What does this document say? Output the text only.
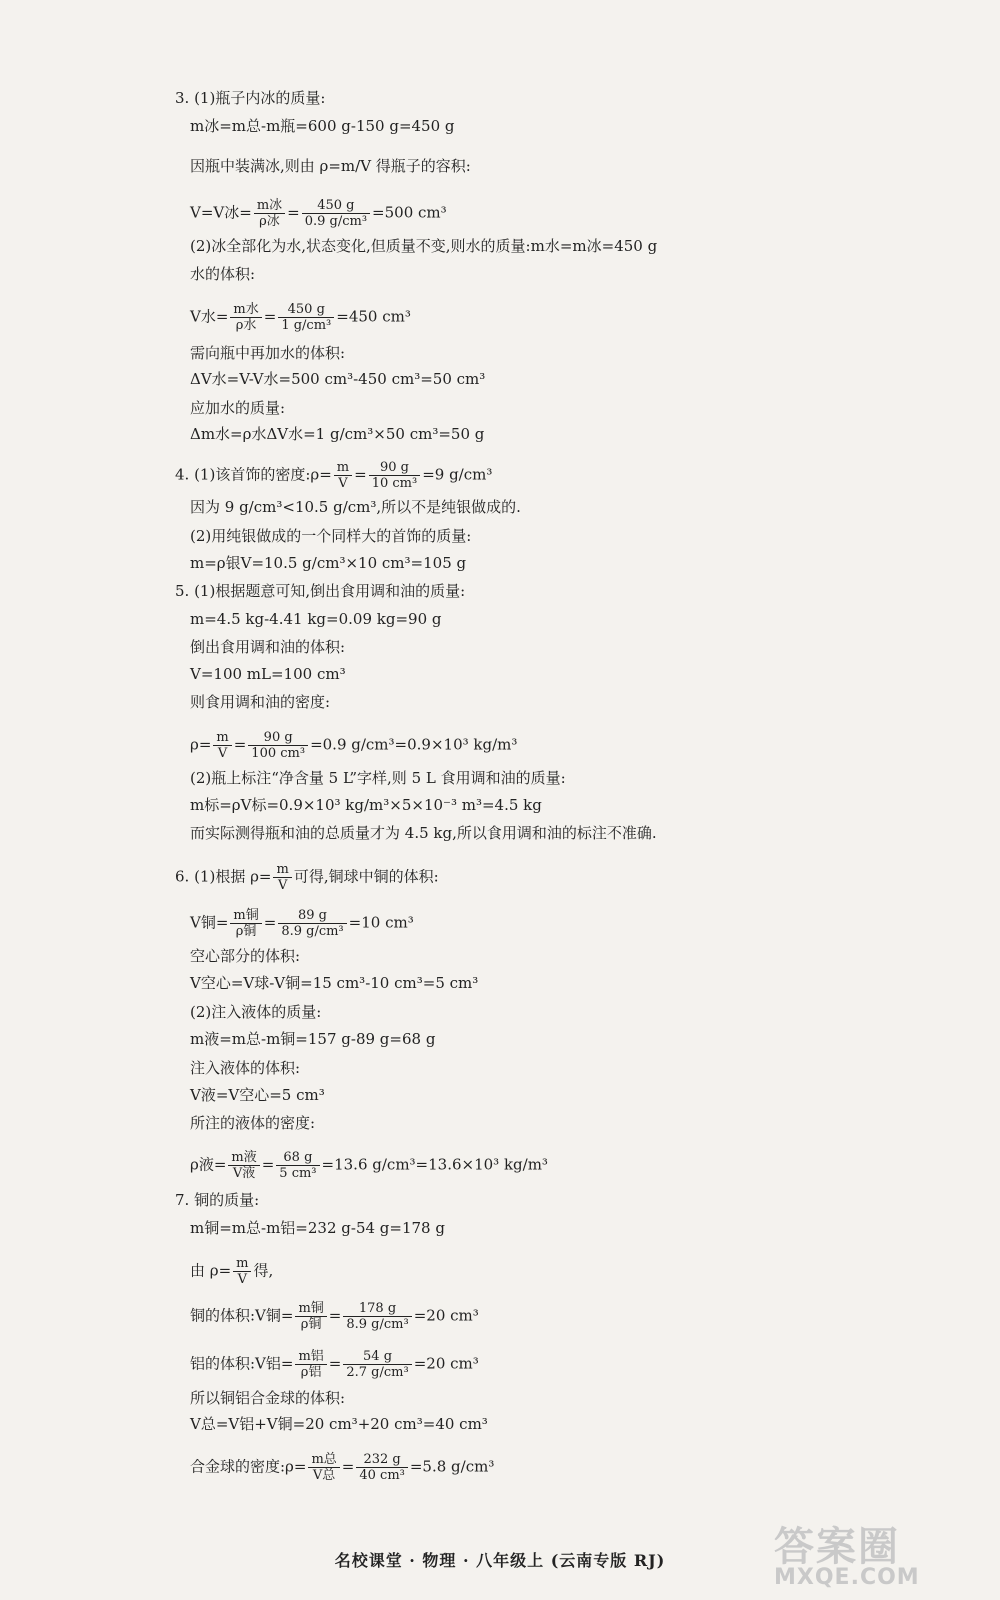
3. (1)瓶子内冰的质量:
m冰=m总-m瓶=600 g-150 g=450 g
因瓶中装满冰,则由 ρ=m/V 得瓶子的容积:
V=V冰= $\frac{\text{m冰}}{\text{ρ冰}} = \frac{450 g}{\text{0.9 g/cm³}} =500$ cm³
(2)冰全部化为水,状态变化,但质量不变,则水的质量:m水=m冰=450 g
水的体积:
V水= $\frac{\text{m水}}{\text{ρ水}} = \frac{450 g}{\text{1 g/cm³}} =450$ cm³
需向瓶中再加水的体积:
ΔV水=V-V水=500 cm³-450 cm³=50 cm³
应加水的质量:
Δm水=ρ水ΔV水=1 g/cm³×50 cm³=50 g
4. (1)该首饰的密度:ρ= $\frac{m}{V} = \frac{90 g}{\text{10 cm³}} =9$ g/cm³
因为 9 g/cm³<10.5 g/cm³,所以不是纯银做成的.
(2)用纯银做成的一个同样大的首饰的质量:
m=ρ银V=10.5 g/cm³×10 cm³=105 g
5. (1)根据题意可知,倒出食用调和油的质量:
m=4.5 kg-4.41 kg=0.09 kg=90 g
倒出食用调和油的体积:
V=100 mL=100 cm³
则食用调和油的密度:
$\rho= \frac{m}{V} = \frac{90 g}{\text{100 cm³}} =0.9$ g/cm³=0.9×10³ kg/m³
(2)瓶上标注“净含量 5 L”字样,则 5 L 食用调和油的质量:
m标=ρV标=0.9×10³ kg/m³×5×10⁻³ m³=4.5 kg
而实际测得瓶和油的总质量才为 4.5 kg,所以食用调和油的标注不准确.
6. (1)根据 $\rho= \frac{m}{V}$ 可得,铜球中铜的体积:
V铜= $\frac{\text{m铜}}{\text{ρ铜}} = \frac{89 g}{\text{8.9 g/cm³}} =10$ cm³
空心部分的体积:
V空心=V球-V铜=15 cm³-10 cm³=5 cm³
(2)注入液体的质量:
m液=m总-m铜=157 g-89 g=68 g
注入液体的体积:
V液=V空心=5 cm³
所注的液体的密度:
ρ液= $\frac{\text{m液}}{\text{V液}} = \frac{68 g}{\text{5 cm³}} =13.6$ g/cm³=13.6×10³ kg/m³
7. 铜的质量:
m铜=m总-m铝=232 g-54 g=178 g
由 $\rho= \frac{m}{V}$ 得,
铜的体积:V铜= $\frac{\text{m铜}}{\text{ρ铜}} = \frac{178 g}{\text{8.9 g/cm³}} =20$ cm³
铝的体积:V铝= $\frac{\text{m铝}}{\text{ρ铝}} = \frac{54 g}{\text{2.7 g/cm³}} =20$ cm³
所以铜铝合金球的体积:
V总=V铝+V铜=20 cm³+20 cm³=40 cm³
合金球的密度:ρ= $\frac{\text{m总}}{\text{V总}} = \frac{232 g}{\text{40 cm³}} =5.8$ g/cm³
名校课堂 · 物理 · 八年级上 (云南专版 RJ)	答案圈
MXQE.COM
